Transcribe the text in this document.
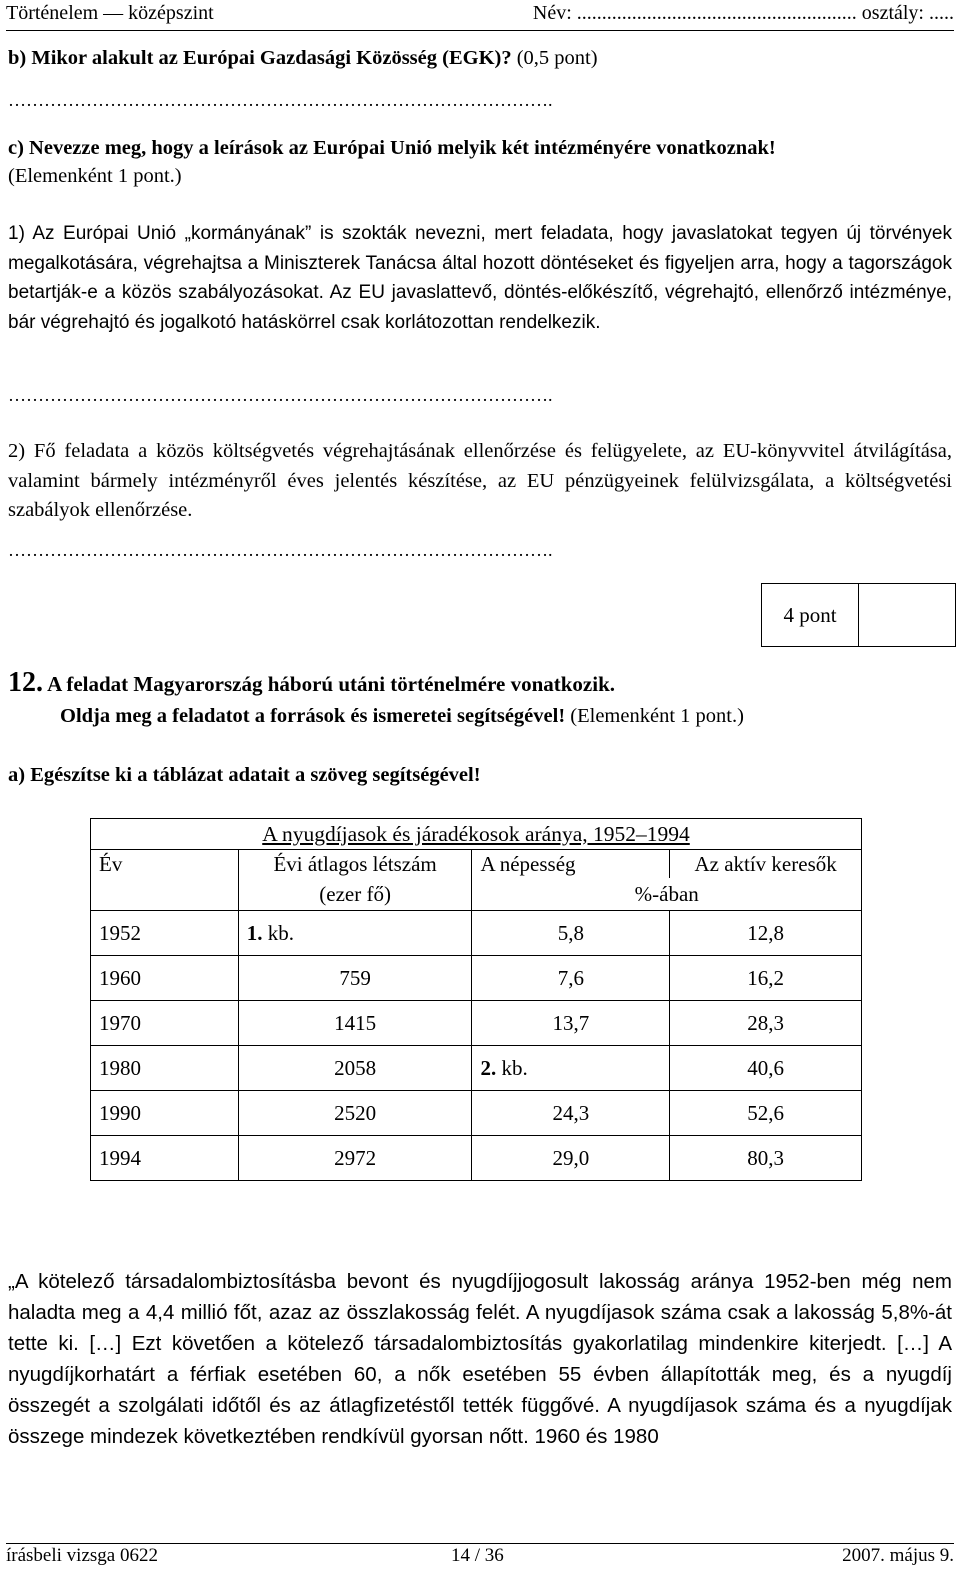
Történelem — középszint	Név: ........................................................ osztály: .....
b) Mikor alakult az Európai Gazdasági Közösség (EGK)? (0,5 pont)
……………………………………………………………………………….
c) Nevezze meg, hogy a leírások az Európai Unió melyik két intézményére vonatkoznak!
(Elemenként 1 pont.)
1) Az Európai Unió „kormányának” is szokták nevezni, mert feladata, hogy javaslatokat tegyen új törvények megalkotására, végrehajtsa a Miniszterek Tanácsa által hozott döntéseket és figyeljen arra, hogy a tagországok betartják-e a közös szabályozásokat. Az EU javaslattevő, döntés-előkészítő, végrehajtó, ellenőrző intézménye, bár végrehajtó és jogalkotó hatáskörrel csak korlátozottan rendelkezik.
……………………………………………………………………………….
2) Fő feladata a közös költségvetés végrehajtásának ellenőrzése és felügyelete, az EU-könyvvitel átvilágítása, valamint bármely intézményről éves jelentés készítése, az EU pénzügyeinek felülvizsgálata, a költségvetési szabályok ellenőrzése.
……………………………………………………………………………….
4 pont
12. A feladat Magyarország háború utáni történelmére vonatkozik.
Oldja meg a feladatot a források és ismeretei segítségével! (Elemenként 1 pont.)
a) Egészítse ki a táblázat adatait a szöveg segítségével!
A nyugdíjasok és járadékosok aránya, 1952–1994			
Év	Évi átlagos létszám	A népesség	Az aktív keresők
	(ezer fő)	%-ában	
1952	1. kb.	5,8	12,8
1960	759	7,6	16,2
1970	1415	13,7	28,3
1980	2058	2. kb.	40,6
1990	2520	24,3	52,6
1994	2972	29,0	80,3
„A kötelező társadalombiztosításba bevont és nyugdíjjogosult lakosság aránya 1952-ben még nem haladta meg a 4,4 millió főt, azaz az összlakosság felét. A nyugdíjasok száma csak a lakosság 5,8%-át tette ki. […] Ezt követően a kötelező társadalombiztosítás gyakorlatilag mindenkire kiterjedt. […] A nyugdíjkorhatárt a férfiak esetében 60, a nők esetében 55 évben állapították meg, és a nyugdíj összegét a szolgálati időtől és az átlagfizetéstől tették függővé. A nyugdíjasok száma és a nyugdíjak összege mindezek következtében rendkívül gyorsan nőtt. 1960 és 1980
írásbeli vizsga 0622	14 / 36	2007. május 9.
